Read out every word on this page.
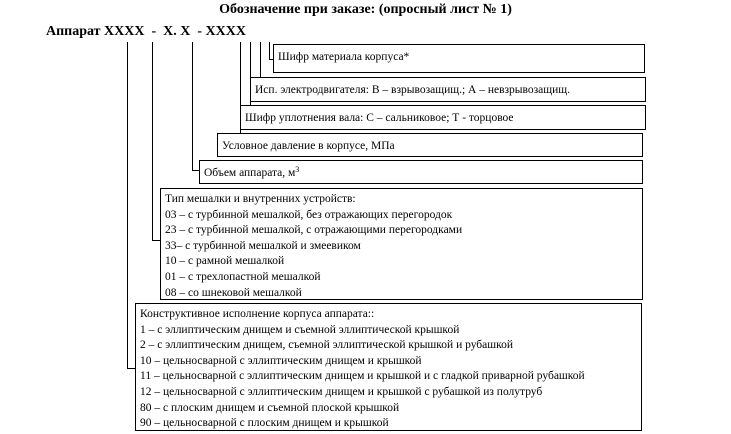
Обозначение при заказе: (опросный лист № 1)
Аппарат XXXX  -  X. X  - XXXX
Шифр материала корпуса*
Исп. электродвигателя: В – взрывозащищ.; А – невзрывозащищ.
Шифр уплотнения вала: С – сальниковое; Т - торцовое
Условное давление в корпусе, МПа
Объем аппарата, $м^3$
Тип мешалки и внутренних устройств:
03 – с турбинной мешалкой, без отражающих перегородок
23 – с турбинной мешалкой, с отражающими перегородками
33– с турбинной мешалкой и змеевиком
10 – с рамной мешалкой
01 – с трехлопастной мешалкой
08 – со шнековой мешалкой
Конструктивное исполнение корпуса аппарата::
1 – с эллиптическим днищем и съемной эллиптической крышкой
2 – с эллиптическим днищем, съемной эллиптической крышкой и рубашкой
10 – цельносварной с эллиптическим днищем и крышкой
11 – цельносварной с эллиптическим днищем и крышкой и с гладкой приварной рубашкой
12 – цельносварной с эллиптическим днищем и крышкой с рубашкой из полутруб
80 – с плоским днищем и съемной плоской крышкой
90 – цельносварной с плоским днищем и крышкой
